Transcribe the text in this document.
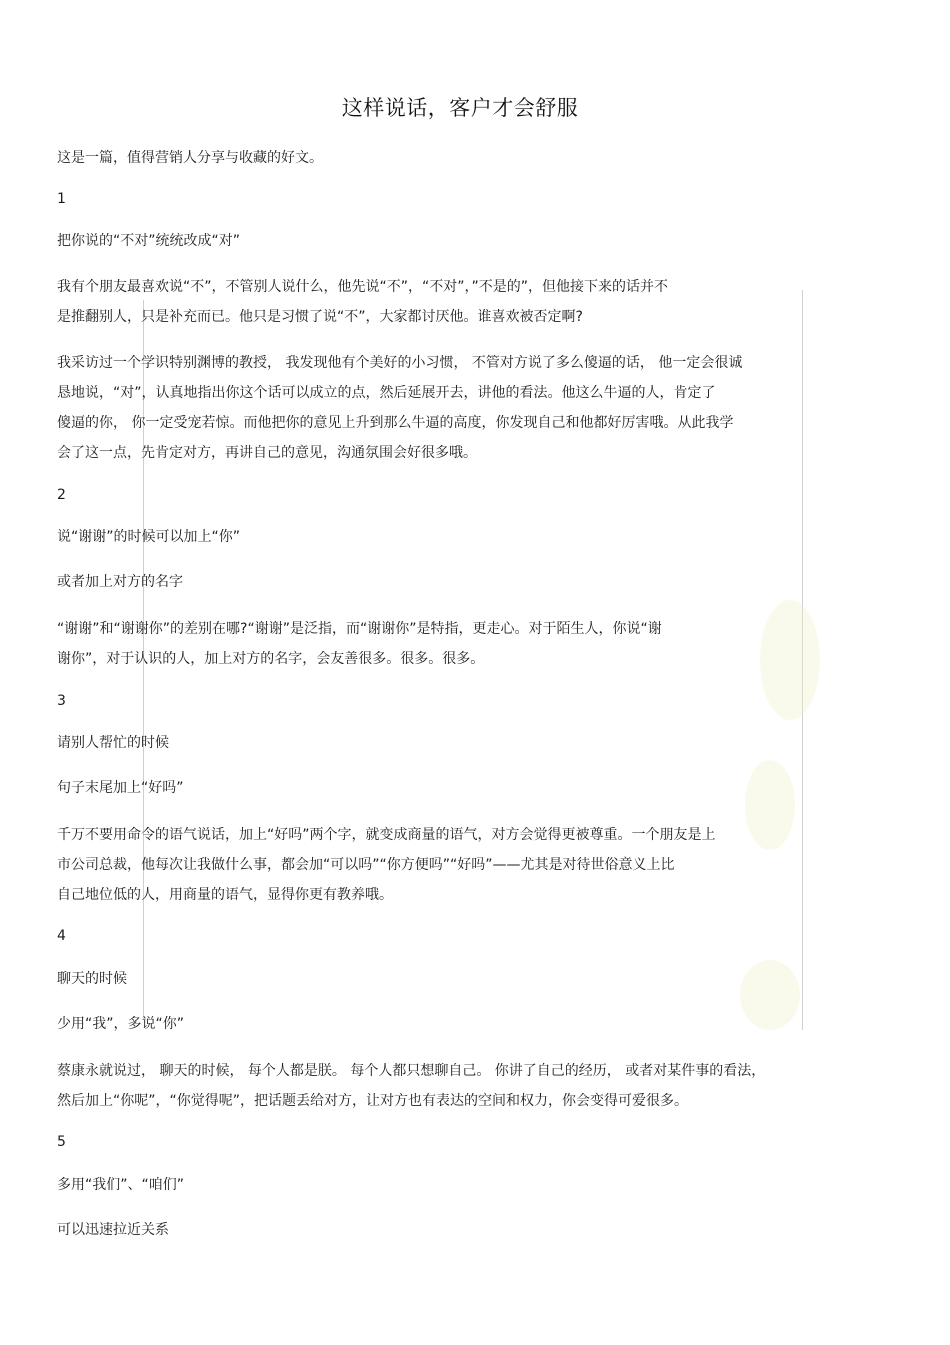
这样说话，客户才会舒服
这是一篇，值得营销人分享与收藏的好文。
1
把你说的“不对”统统改成“对”
我有个朋友最喜欢说“不”，不管别人说什么，他先说“不”，“不对”，”不是的”，但他接下来的话并不
是推翻别人，只是补充而已。他只是习惯了说“不”，大家都讨厌他。谁喜欢被否定啊?
我采访过一个学识特别渊博的教授， 我发现他有个美好的小习惯， 不管对方说了多么傻逼的话， 他一定会很诚
恳地说，“对”，认真地指出你这个话可以成立的点，然后延展开去，讲他的看法。他这么牛逼的人，肯定了
傻逼的你， 你一定受宠若惊。而他把你的意见上升到那么牛逼的高度，你发现自己和他都好厉害哦。从此我学
会了这一点，先肯定对方，再讲自己的意见，沟通氛围会好很多哦。
2
说“谢谢”的时候可以加上“你”
或者加上对方的名字
“谢谢”和“谢谢你”的差别在哪?“谢谢”是泛指，而“谢谢你”是特指，更走心。对于陌生人，你说“谢
谢你”，对于认识的人，加上对方的名字，会友善很多。很多。很多。
3
请别人帮忙的时候
句子末尾加上“好吗”
千万不要用命令的语气说话，加上“好吗”两个字，就变成商量的语气，对方会觉得更被尊重。一个朋友是上
市公司总裁，他每次让我做什么事，都会加“可以吗”“你方便吗”“好吗”——尤其是对待世俗意义上比
自己地位低的人，用商量的语气，显得你更有教养哦。
4
聊天的时候
少用“我”，多说“你”
蔡康永就说过， 聊天的时候， 每个人都是朕。 每个人都只想聊自己。 你讲了自己的经历， 或者对某件事的看法，
然后加上“你呢”，“你觉得呢”，把话题丢给对方，让对方也有表达的空间和权力，你会变得可爱很多。
5
多用“我们”、“咱们”
可以迅速拉近关系
